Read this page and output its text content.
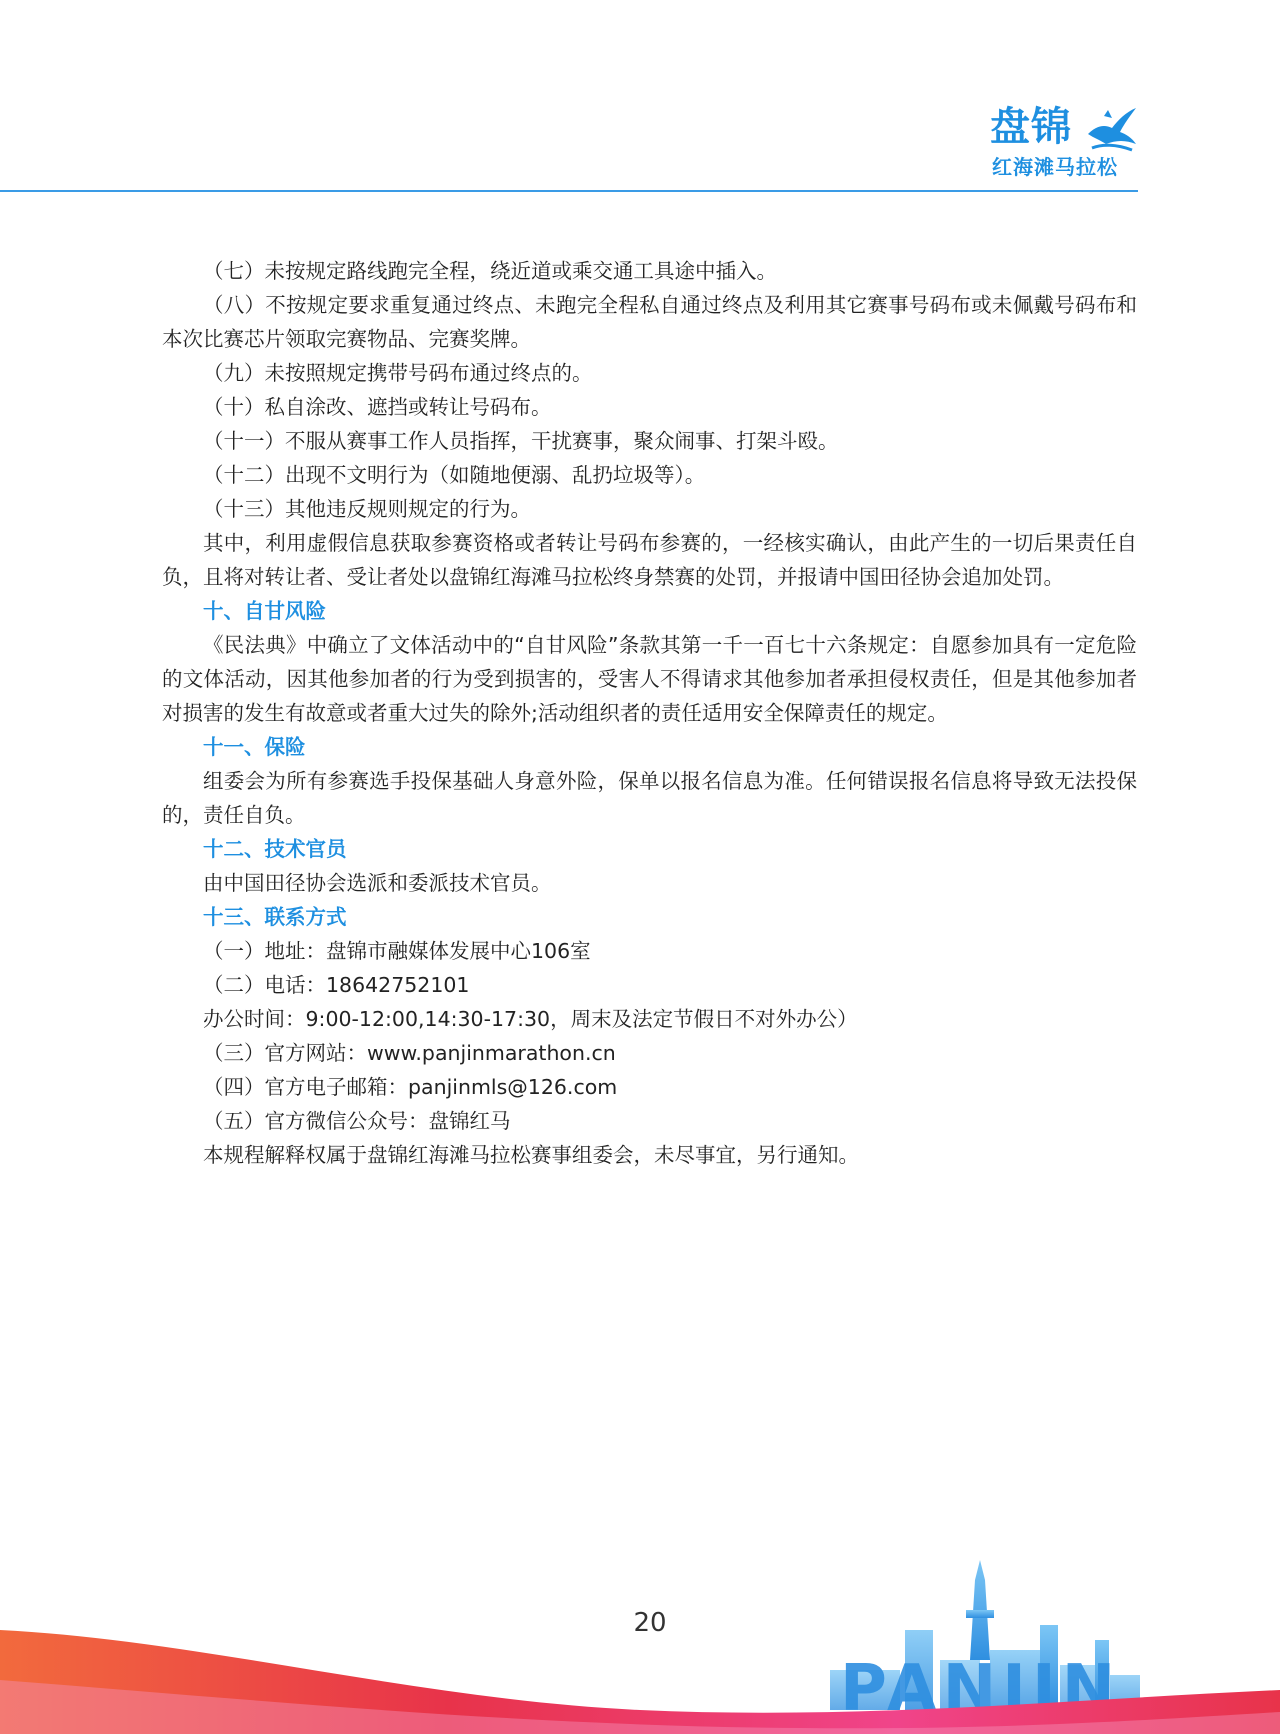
盘锦
红海滩马拉松

（七）未按规定路线跑完全程，绕近道或乘交通工具途中插入。

（八）不按规定要求重复通过终点、未跑完全程私自通过终点及利用其它赛事号码布或未佩戴号码布和本次比赛芯片领取完赛物品、完赛奖牌。

（九）未按照规定携带号码布通过终点的。

（十）私自涂改、遮挡或转让号码布。

（十一）不服从赛事工作人员指挥，干扰赛事，聚众闹事、打架斗殴。

（十二）出现不文明行为（如随地便溺、乱扔垃圾等）。

（十三）其他违反规则规定的行为。

其中，利用虚假信息获取参赛资格或者转让号码布参赛的，一经核实确认，由此产生的一切后果责任自负，且将对转让者、受让者处以盘锦红海滩马拉松终身禁赛的处罚，并报请中国田径协会追加处罚。

十、自甘风险

《民法典》中确立了文体活动中的“自甘风险”条款其第一千一百七十六条规定：自愿参加具有一定危险的文体活动，因其他参加者的行为受到损害的，受害人不得请求其他参加者承担侵权责任，但是其他参加者对损害的发生有故意或者重大过失的除外;活动组织者的责任适用安全保障责任的规定。

十一、保险

组委会为所有参赛选手投保基础人身意外险，保单以报名信息为准。任何错误报名信息将导致无法投保的，责任自负。

十二、技术官员

由中国田径协会选派和委派技术官员。

十三、联系方式

（一）地址：盘锦市融媒体发展中心106室

（二）电话：18642752101

办公时间：9:00-12:00,14:30-17:30，周末及法定节假日不对外办公）

（三）官方网站：www.panjinmarathon.cn

（四）官方电子邮箱：panjinmls@126.com

（五）官方微信公众号：盘锦红马

本规程解释权属于盘锦红海滩马拉松赛事组委会，未尽事宜，另行通知。

PANJIN
20
